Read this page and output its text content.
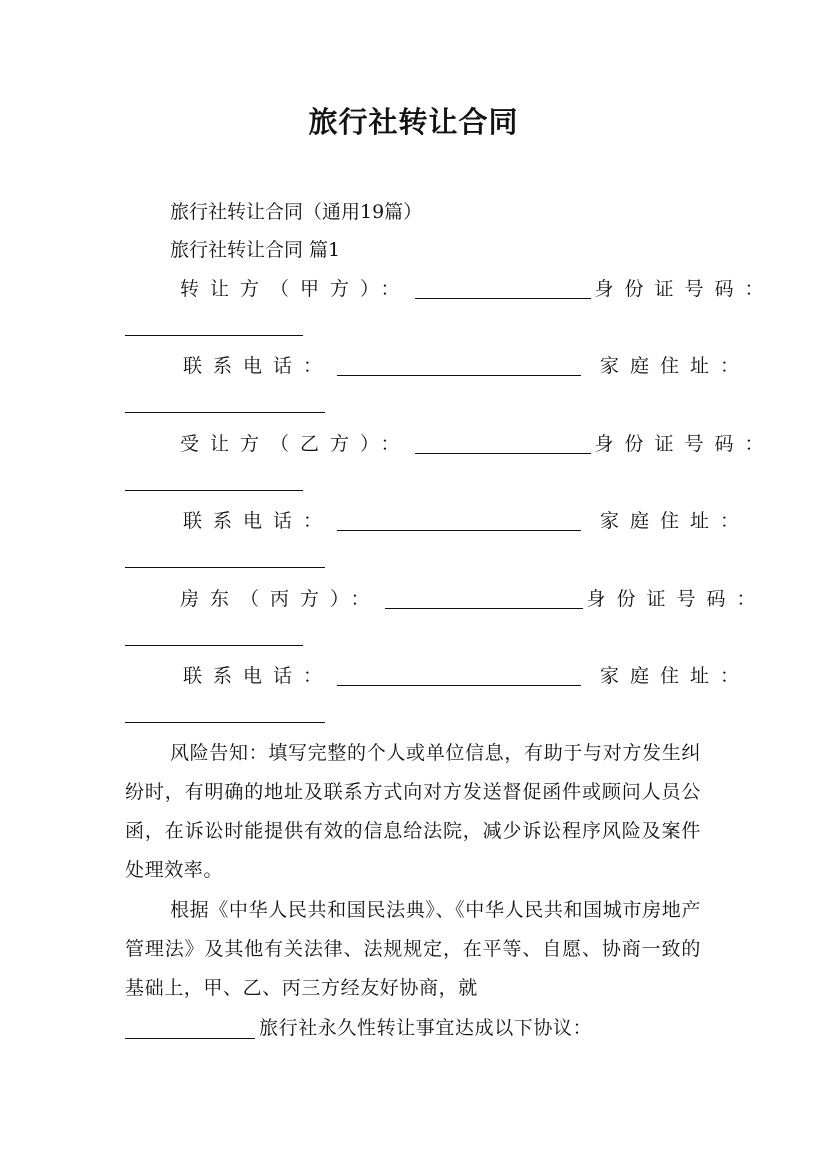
旅行社转让合同
旅行社转让合同（通用19篇）
旅行社转让合同 篇1
转让方（甲方）：	身份证号码：
联系电话：	家庭住址：
受让方（乙方）：	身份证号码：
联系电话：	家庭住址：
房东（丙方）：	身份证号码：
联系电话：	家庭住址：
风险告知：填写完整的个人或单位信息，有助于与对方发生纠纷时，有明确的地址及联系方式向对方发送督促函件或顾问人员公函，在诉讼时能提供有效的信息给法院，减少诉讼程序风险及案件处理效率。
根据《中华人民共和国民法典》、《中华人民共和国城市房地产管理法》及其他有关法律、法规规定，在平等、自愿、协商一致的基础上，甲、乙、丙三方经友好协商，就
旅行社永久性转让事宜达成以下协议：
